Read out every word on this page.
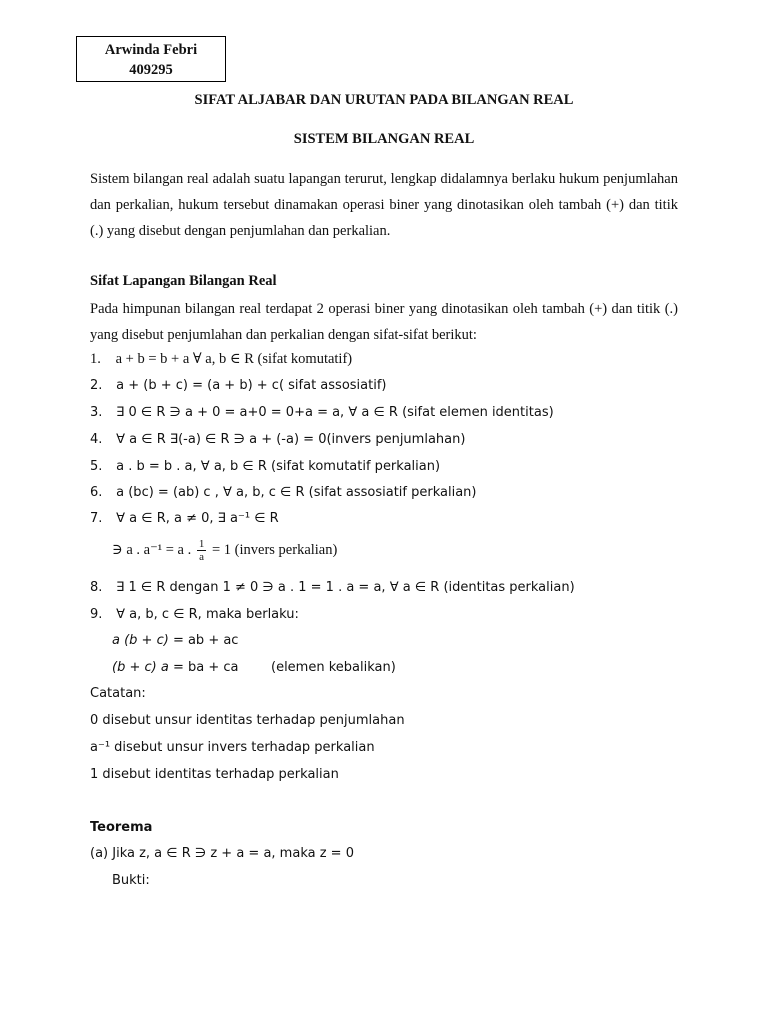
Arwinda Febri
409295
SIFAT ALJABAR DAN URUTAN PADA BILANGAN REAL
SISTEM BILANGAN REAL
Sistem bilangan real adalah suatu lapangan terurut, lengkap didalamnya berlaku hukum penjumlahan dan perkalian, hukum tersebut dinamakan operasi biner yang dinotasikan oleh tambah (+) dan titik (.) yang disebut dengan penjumlahan dan perkalian.
Sifat Lapangan Bilangan Real
Pada himpunan bilangan real terdapat 2 operasi biner yang dinotasikan oleh tambah (+) dan titik (.) yang disebut penjumlahan dan perkalian dengan sifat-sifat berikut:
1. a + b = b + a ∀ a, b ∈ R (sifat komutatif)
2. a + (b + c) = (a + b) + c( sifat assosiatif)
3. ∃ 0 ∈ R ∋ a + 0 = a+0 = 0+a = a, ∀ a ∈ R (sifat elemen identitas)
4. ∀ a ∈ R ∃(-a) ∈ R ∋ a + (-a) = 0(invers penjumlahan)
5. a . b = b . a, ∀ a, b ∈ R (sifat komutatif perkalian)
6. a (bc) = (ab) c , ∀ a, b, c ∈ R (sifat assosiatif perkalian)
7. ∀ a ∈ R, a ≠ 0, ∃ a⁻¹ ∈ R
∋ a . a⁻¹ = a . $\frac{1}{a} = 1$ (invers perkalian)
8. ∃ 1 ∈ R dengan 1 ≠ 0 ∋ a . 1 = 1 . a = a, ∀ a ∈ R (identitas perkalian)
9. ∀ a, b, c ∈ R, maka berlaku:
a (b + c) = ab + ac
(b + c) a = ba + ca	(elemen kebalikan)
Catatan:
0 disebut unsur identitas terhadap penjumlahan
a⁻¹ disebut unsur invers terhadap perkalian
1 disebut identitas terhadap perkalian
Teorema
(a) Jika z, a ∈ R ∋ z + a = a, maka z = 0
Bukti:
